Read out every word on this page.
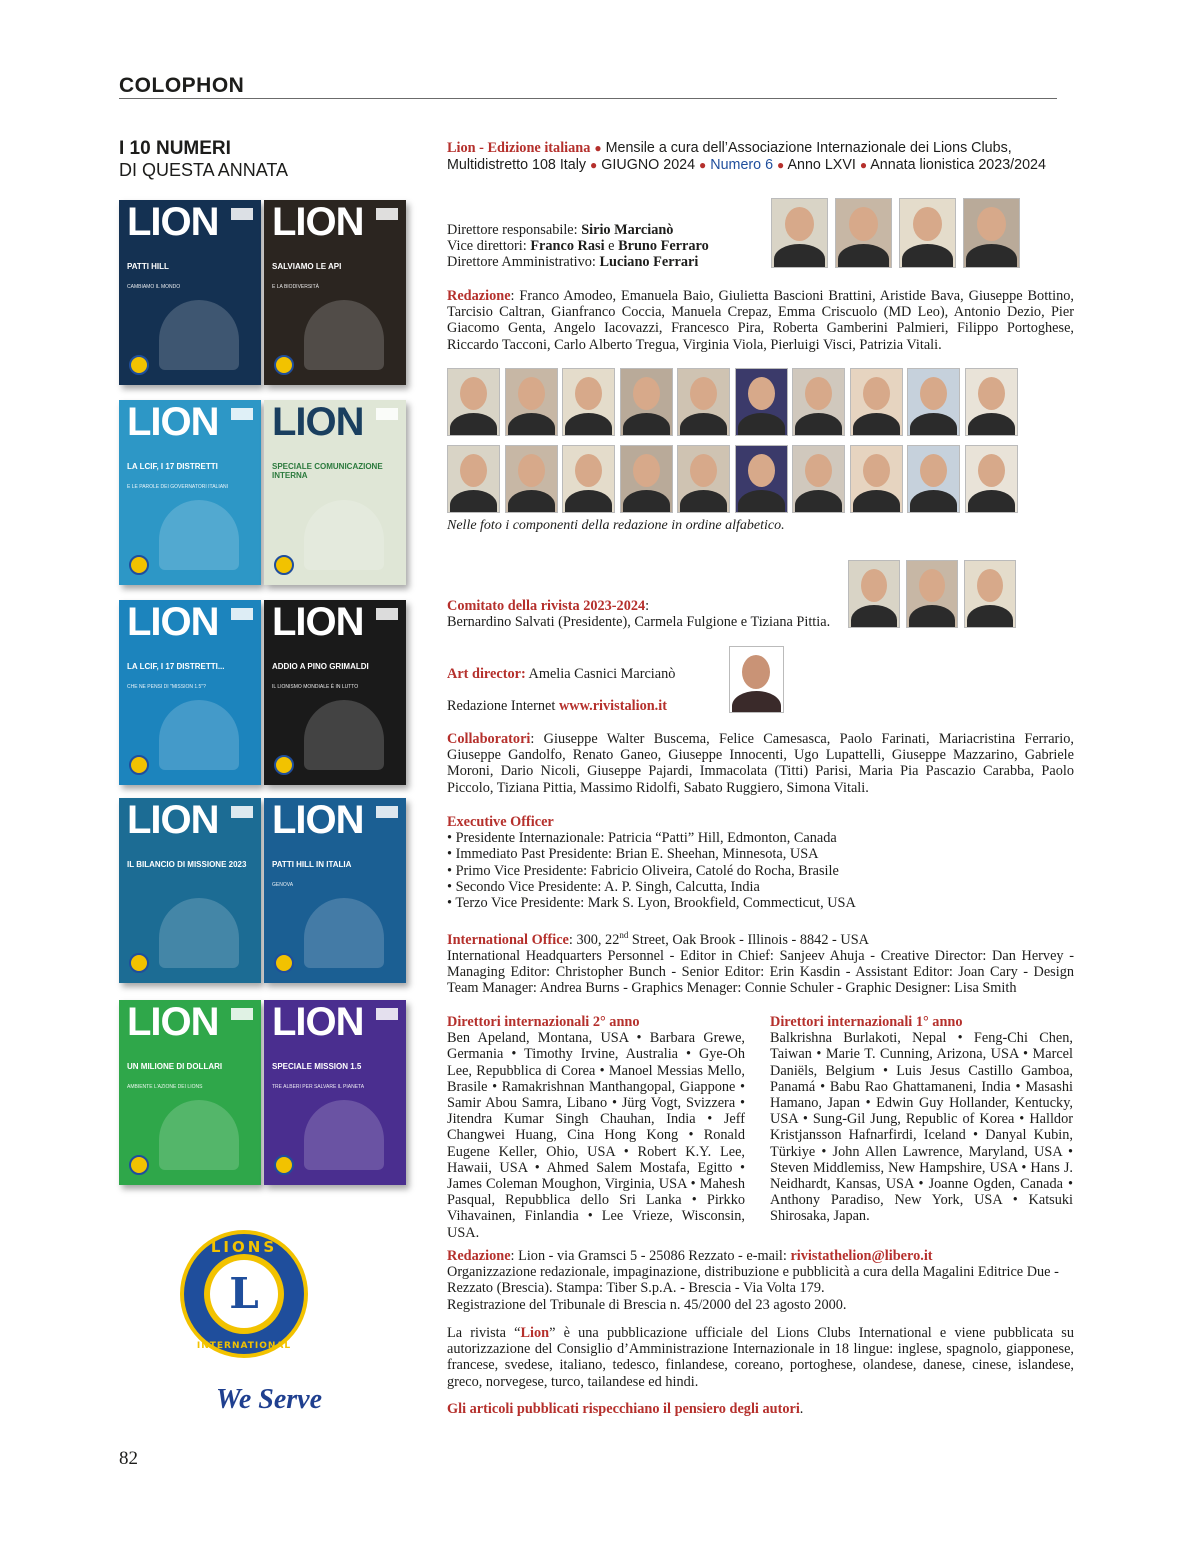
COLOPHON
I 10 NUMERI
DI QUESTA ANNATA
LION
PATTI HILL
CAMBIAMO IL MONDO
LION
SALVIAMO LE API
E LA BIODIVERSITÀ
LION
LA LCIF, I 17 DISTRETTI
E LE PAROLE DEI GOVERNATORI ITALIANI
LION
SPECIALE COMUNICAZIONE INTERNA
LION
LA LCIF, I 17 DISTRETTI...
CHE NE PENSI DI "MISSION 1.5"?
LION
ADDIO A PINO GRIMALDI
IL LIONISMO MONDIALE È IN LUTTO
LION
IL BILANCIO DI MISSIONE 2023
LION
PATTI HILL IN ITALIA
GENOVA
LION
UN MILIONE DI DOLLARI
AMBIENTE L'AZIONE DEI LIONS
LION
SPECIALE MISSION 1.5
TRE ALBERI PER SALVARE IL PIANETA
L
LIONS
INTERNATIONAL
We Serve
82
Lion - Edizione italiana ● Mensile a cura dell’Associazione Internazionale dei Lions Clubs,
Multidistretto 108 Italy ● GIUGNO 2024 ● Numero 6 ● Anno LXVI ● Annata lionistica 2023/2024
Direttore responsabile: Sirio Marcianò
Vice direttori: Franco Rasi e Bruno Ferraro
Direttore Amministrativo: Luciano Ferrari
Redazione: Franco Amodeo, Emanuela Baio, Giulietta Bascioni Brattini, Aristide Bava, Giuseppe Bottino, Tarcisio Caltran, Gianfranco Coccia, Manuela Crepaz, Emma Criscuolo (MD Leo), Antonio Dezio, Pier Giacomo Genta, Angelo Iacovazzi, Francesco Pira, Roberta Gamberini Palmieri, Filippo Portoghese, Riccardo Tacconi, Carlo Alberto Tregua, Virginia Viola, Pierluigi Visci, Patrizia Vitali.
Nelle foto i componenti della redazione in ordine alfabetico.
Comitato della rivista 2023-2024:
Bernardino Salvati (Presidente), Carmela Fulgione e Tiziana Pittia.
Art director: Amelia Casnici Marcianò
Redazione Internet www.rivistalion.it
Collaboratori: Giuseppe Walter Buscema, Felice Camesasca, Paolo Farinati, Mariacristina Ferrario, Giuseppe Gandolfo, Renato Ganeo, Giuseppe Innocenti, Ugo Lupattelli, Giuseppe Mazzarino, Gabriele Moroni, Dario Nicoli, Giuseppe Pajardi, Immacolata (Titti) Parisi, Maria Pia Pascazio Carabba, Paolo Piccolo, Tiziana Pittia, Massimo Ridolfi, Sabato Ruggiero, Simona Vitali.
Executive Officer
• Presidente Internazionale: Patricia “Patti” Hill, Edmonton, Canada
• Immediato Past Presidente: Brian E. Sheehan, Minnesota, USA
• Primo Vice Presidente: Fabricio Oliveira, Catolé do Rocha, Brasile
• Secondo Vice Presidente: A. P. Singh, Calcutta, India
• Terzo Vice Presidente: Mark S. Lyon, Brookfield, Commecticut, USA
International Office: 300, 22nd Street, Oak Brook - Illinois - 8842 - USA
International Headquarters Personnel - Editor in Chief: Sanjeev Ahuja - Creative Director: Dan Hervey - Managing Editor: Christopher Bunch - Senior Editor: Erin Kasdin - Assistant Editor: Joan Cary - Design Team Manager: Andrea Burns - Graphics Menager: Connie Schuler - Graphic Designer: Lisa Smith
Direttori internazionali 2° anno
Ben Apeland, Montana, USA • Barbara Grewe, Germania • Timothy Irvine, Australia • Gye-Oh Lee, Repubblica di Corea • Manoel Messias Mello, Brasile • Ramakrishnan Manthangopal, Giappone • Samir Abou Samra, Libano • Jürg Vogt, Svizzera • Jitendra Kumar Singh Chauhan, India • Jeff Changwei Huang, Cina Hong Kong • Ronald Eugene Keller, Ohio, USA • Robert K.Y. Lee, Hawaii, USA • Ahmed Salem Mostafa, Egitto • James Coleman Moughon, Virginia, USA • Mahesh Pasqual, Repubblica dello Sri Lanka • Pirkko Vihavainen, Finlandia • Lee Vrieze, Wisconsin, USA.
Direttori internazionali 1° anno
Balkrishna Burlakoti, Nepal • Feng-Chi Chen, Taiwan • Marie T. Cunning, Arizona, USA • Marcel Daniëls, Belgium • Luis Jesus Castillo Gamboa, Panamá • Babu Rao Ghattamaneni, India • Masashi Hamano, Japan • Edwin Guy Hollander, Kentucky, USA • Sung-Gil Jung, Republic of Korea • Halldor Kristjansson Hafnarfirdi, Iceland • Danyal Kubin, Türkiye • John Allen Lawrence, Maryland, USA • Steven Middlemiss, New Hampshire, USA • Hans J. Neidhardt, Kansas, USA • Joanne Ogden, Canada • Anthony Paradiso, New York, USA • Katsuki Shirosaka, Japan.
Redazione: Lion - via Gramsci 5 - 25086 Rezzato - e-mail: rivistathelion@libero.it
Organizzazione redazionale, impaginazione, distribuzione e pubblicità a cura della Magalini Editrice Due - Rezzato (Brescia). Stampa: Tiber S.p.A. - Brescia - Via Volta 179.
Registrazione del Tribunale di Brescia n. 45/2000 del 23 agosto 2000.
La rivista “Lion” è una pubblicazione ufficiale del Lions Clubs International e viene pubblicata su autorizzazione del Consiglio d’Amministrazione Internazionale in 18 lingue: inglese, spagnolo, giapponese, francese, svedese, italiano, tedesco, finlandese, coreano, portoghese, olandese, danese, cinese, islandese, greco, norvegese, turco, tailandese ed hindi.
Gli articoli pubblicati rispecchiano il pensiero degli autori.
